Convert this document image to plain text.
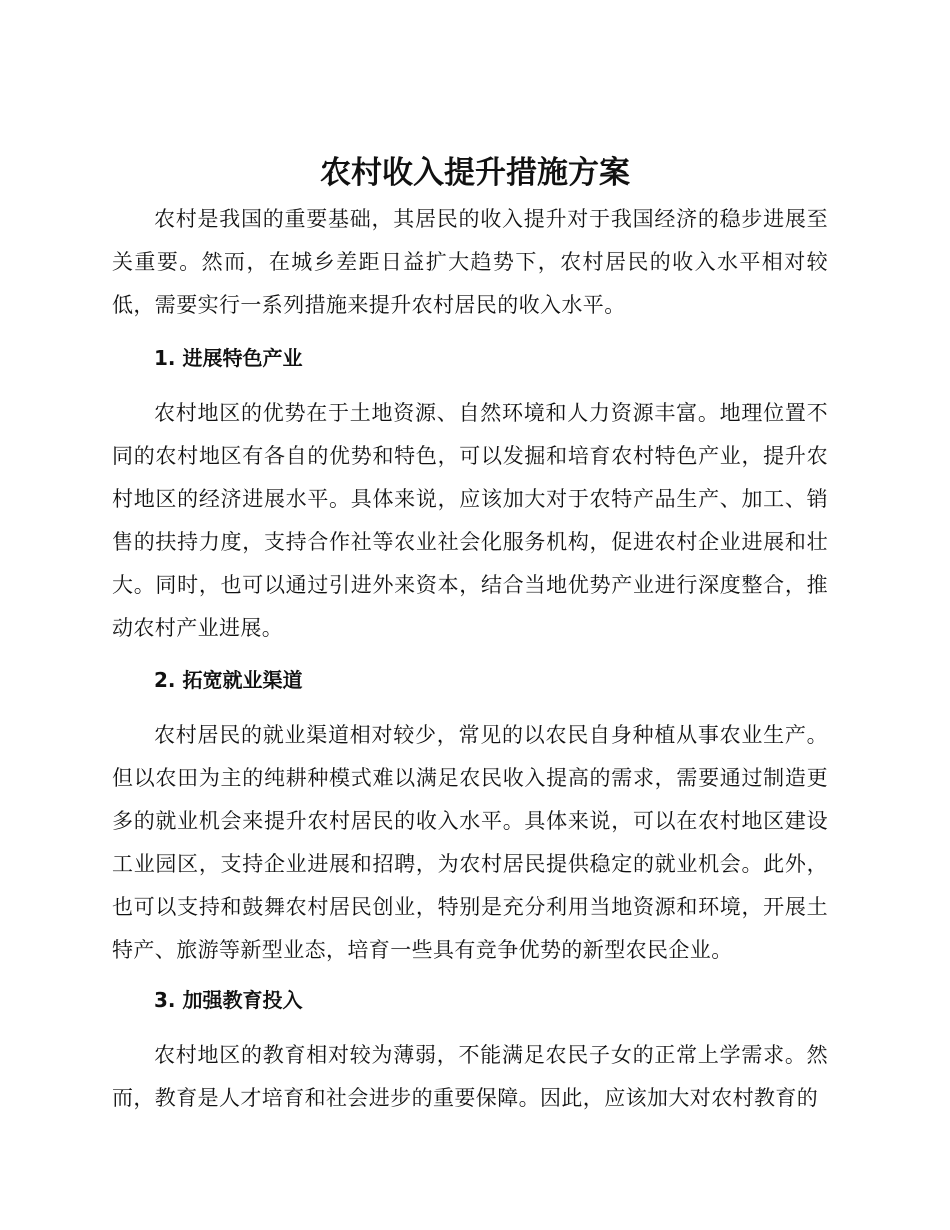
农村收入提升措施方案

农村是我国的重要基础，其居民的收入提升对于我国经济的稳步进展至关重要。然而，在城乡差距日益扩大趋势下，农村居民的收入水平相对较低，需要实行一系列措施来提升农村居民的收入水平。

1. 进展特色产业

农村地区的优势在于土地资源、自然环境和人力资源丰富。地理位置不同的农村地区有各自的优势和特色，可以发掘和培育农村特色产业，提升农村地区的经济进展水平。具体来说，应该加大对于农特产品生产、加工、销售的扶持力度，支持合作社等农业社会化服务机构，促进农村企业进展和壮大。同时，也可以通过引进外来资本，结合当地优势产业进行深度整合，推动农村产业进展。

2. 拓宽就业渠道

农村居民的就业渠道相对较少，常见的以农民自身种植从事农业生产。但以农田为主的纯耕种模式难以满足农民收入提高的需求，需要通过制造更多的就业机会来提升农村居民的收入水平。具体来说，可以在农村地区建设工业园区，支持企业进展和招聘，为农村居民提供稳定的就业机会。此外，也可以支持和鼓舞农村居民创业，特别是充分利用当地资源和环境，开展土特产、旅游等新型业态，培育一些具有竞争优势的新型农民企业。

3. 加强教育投入

农村地区的教育相对较为薄弱，不能满足农民子女的正常上学需求。然而，教育是人才培育和社会进步的重要保障。因此，应该加大对农村教育的
